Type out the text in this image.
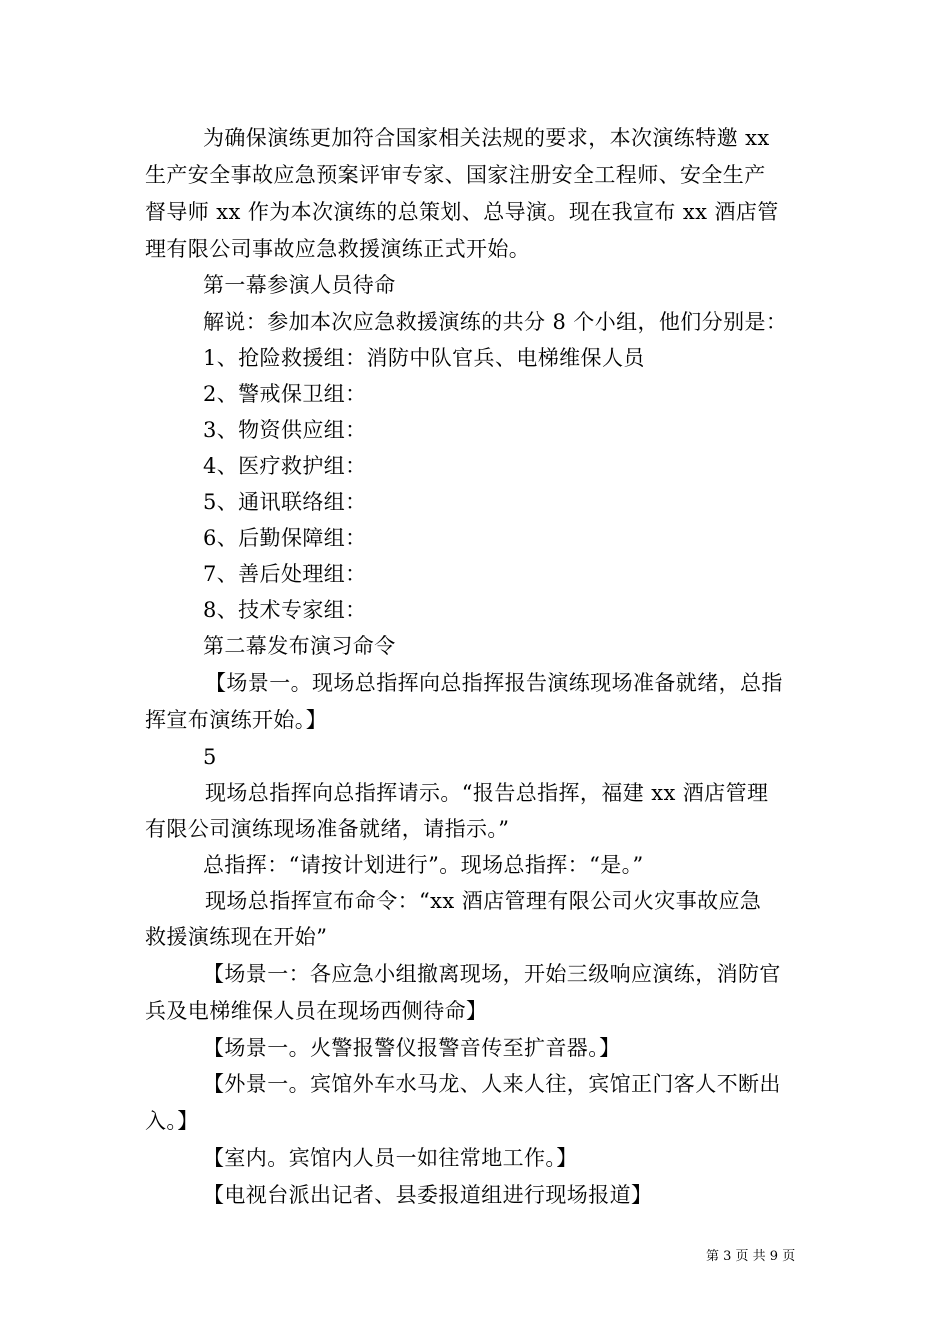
为确保演练更加符合国家相关法规的要求，本次演练特邀 xx
生产安全事故应急预案评审专家、国家注册安全工程师、安全生产
督导师 xx 作为本次演练的总策划、总导演。现在我宣布 xx 酒店管
理有限公司事故应急救援演练正式开始。
第一幕参演人员待命
解说：参加本次应急救援演练的共分 8 个小组，他们分别是：
1、抢险救援组：消防中队官兵、电梯维保人员
2、警戒保卫组：
3、物资供应组：
4、医疗救护组：
5、通讯联络组：
6、后勤保障组：
7、善后处理组：
8、技术专家组：
第二幕发布演习命令
【场景一。现场总指挥向总指挥报告演练现场准备就绪，总指
挥宣布演练开始。】
5
现场总指挥向总指挥请示。“报告总指挥，福建 xx 酒店管理
有限公司演练现场准备就绪，请指示。”
总指挥：“请按计划进行”。现场总指挥：“是。”
现场总指挥宣布命令：“xx 酒店管理有限公司火灾事故应急
救援演练现在开始”
【场景一：各应急小组撤离现场，开始三级响应演练，消防官
兵及电梯维保人员在现场西侧待命】
【场景一。火警报警仪报警音传至扩音器。】
【外景一。宾馆外车水马龙、人来人往，宾馆正门客人不断出
入。】
【室内。宾馆内人员一如往常地工作。】
【电视台派出记者、县委报道组进行现场报道】
第 3 页 共 9 页
